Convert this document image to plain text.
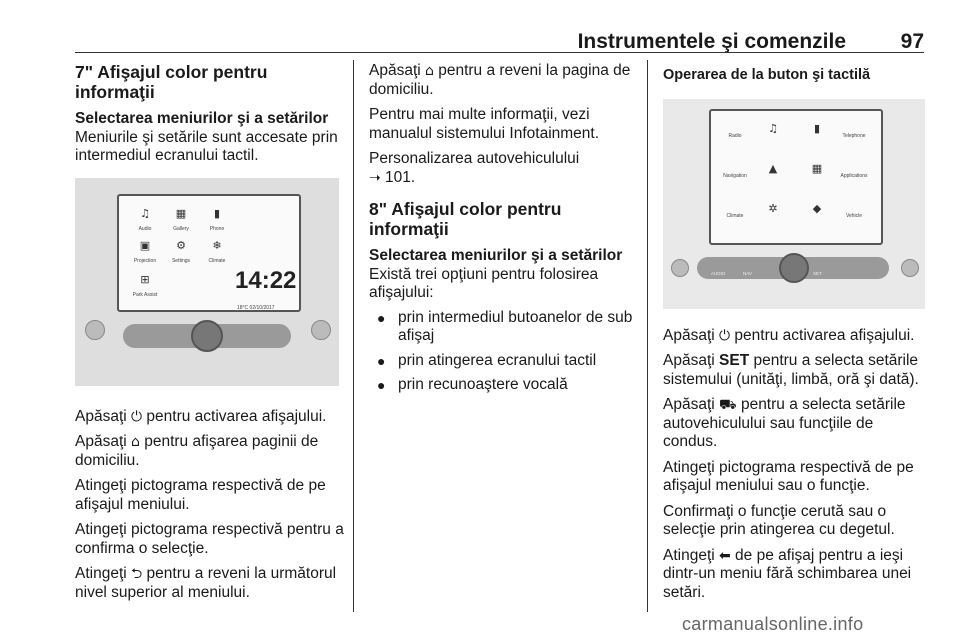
Instrumentele şi comenzile	97
7" Afişajul color pentru informaţii
Selectarea meniurilor şi a setărilor

Meniurile şi setările sunt accesate prin intermediul ecranului tactil.

♫
Audio
▦
Gallery
▮
Phone
▣
Projection
⚙
Settings
❄
Climate
⊞
Park Assist
14:22
18°C 02/10/2017

Apăsaţi ⏻ pentru activarea afişajului.

Apăsaţi ⌂ pentru afişarea paginii de domiciliu.

Atingeţi pictograma respectivă de pe afişajul meniului.

Atingeţi pictograma respectivă pentru a confirma o selecţie.

Atingeţi ⮌ pentru a reveni la următorul nivel superior al meniului.

Apăsaţi ⌂ pentru a reveni la pagina de domiciliu.

Pentru mai multe informaţii, vezi manualul sistemului Infotainment.

Personalizarea autovehiculului
➝ 101.

8" Afişajul color pentru informaţii
Selectarea meniurilor şi a setărilor

Există trei opţiuni pentru folosirea afişajului:

● prin intermediul butoanelor de sub afişaj
● prin atingerea ecranului tactil
● prin recunoaştere vocală
Operarea de la buton şi tactilă
Radio
♫	▮
Telephone
Navigation
▲	▦
Applications
Climate
✲	◆
Vehicle
AUDIO	NAV	SET

Apăsaţi ⏻ pentru activarea afişajului.

Apăsaţi SET pentru a selecta setările sistemului (unităţi, limbă, oră şi dată).

Apăsaţi ⛟ pentru a selecta setările autovehiculului sau funcţiile de condus.

Atingeţi pictograma respectivă de pe afişajul meniului sau o funcţie.

Confirmaţi o funcţie cerută sau o selecţie prin atingerea cu degetul.

Atingeţi ⬅ de pe afişaj pentru a ieşi dintr-un meniu fără schimbarea unei setări.

carmanualsonline.info
